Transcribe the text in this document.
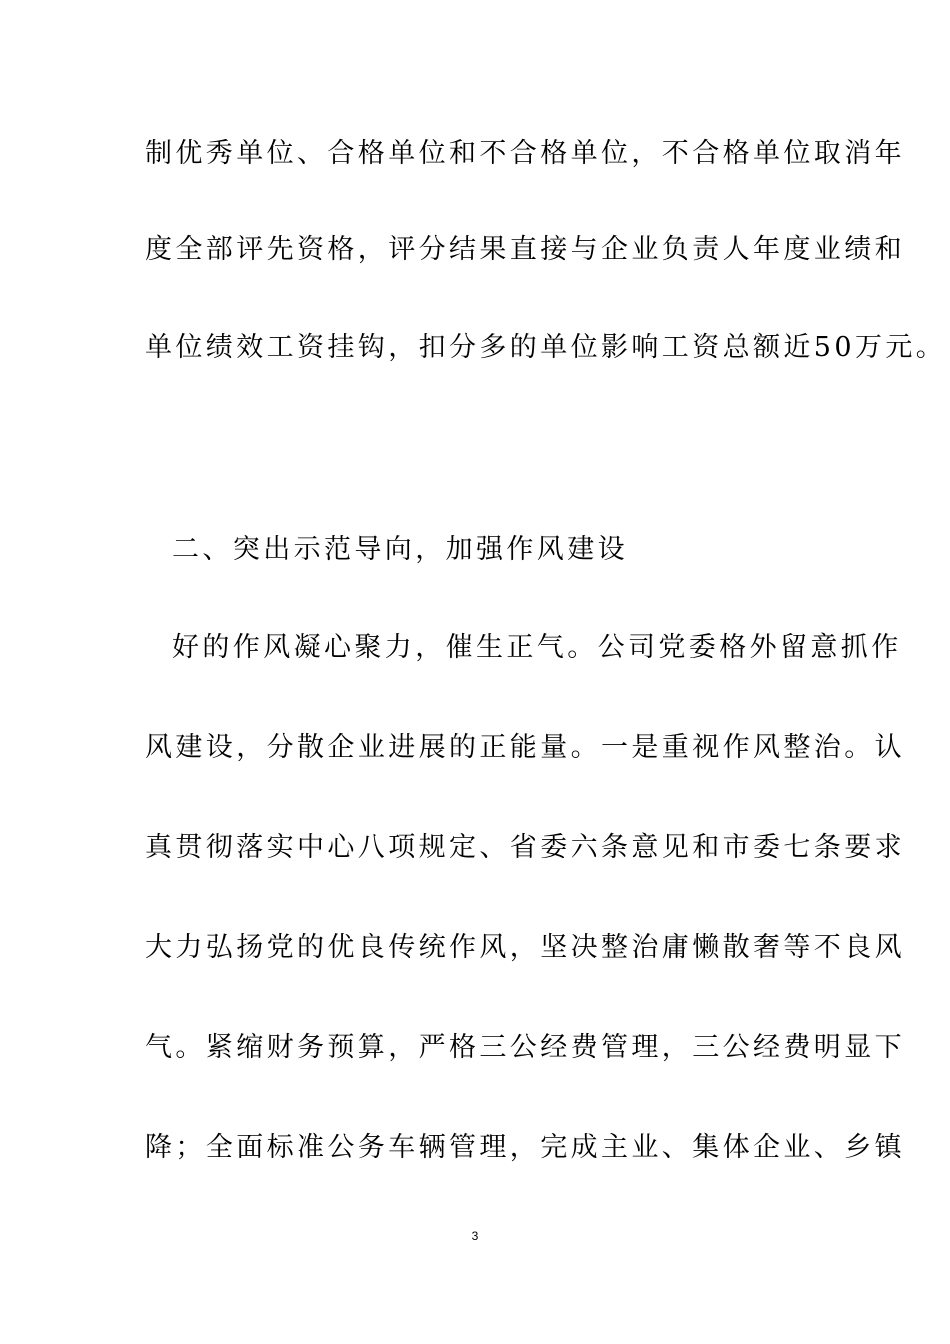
制优秀单位、合格单位和不合格单位，不合格单位取消年

度全部评先资格，评分结果直接与企业负责人年度业绩和

单位绩效工资挂钩，扣分多的单位影响工资总额近50万元。

二、突出示范导向，加强作风建设

好的作风凝心聚力，催生正气。公司党委格外留意抓作

风建设，分散企业进展的正能量。一是重视作风整治。认

真贯彻落实中心八项规定、省委六条意见和市委七条要求

大力弘扬党的优良传统作风，坚决整治庸懒散奢等不良风

气。紧缩财务预算，严格三公经费管理，三公经费明显下

降；全面标准公务车辆管理，完成主业、集体企业、乡镇

3
